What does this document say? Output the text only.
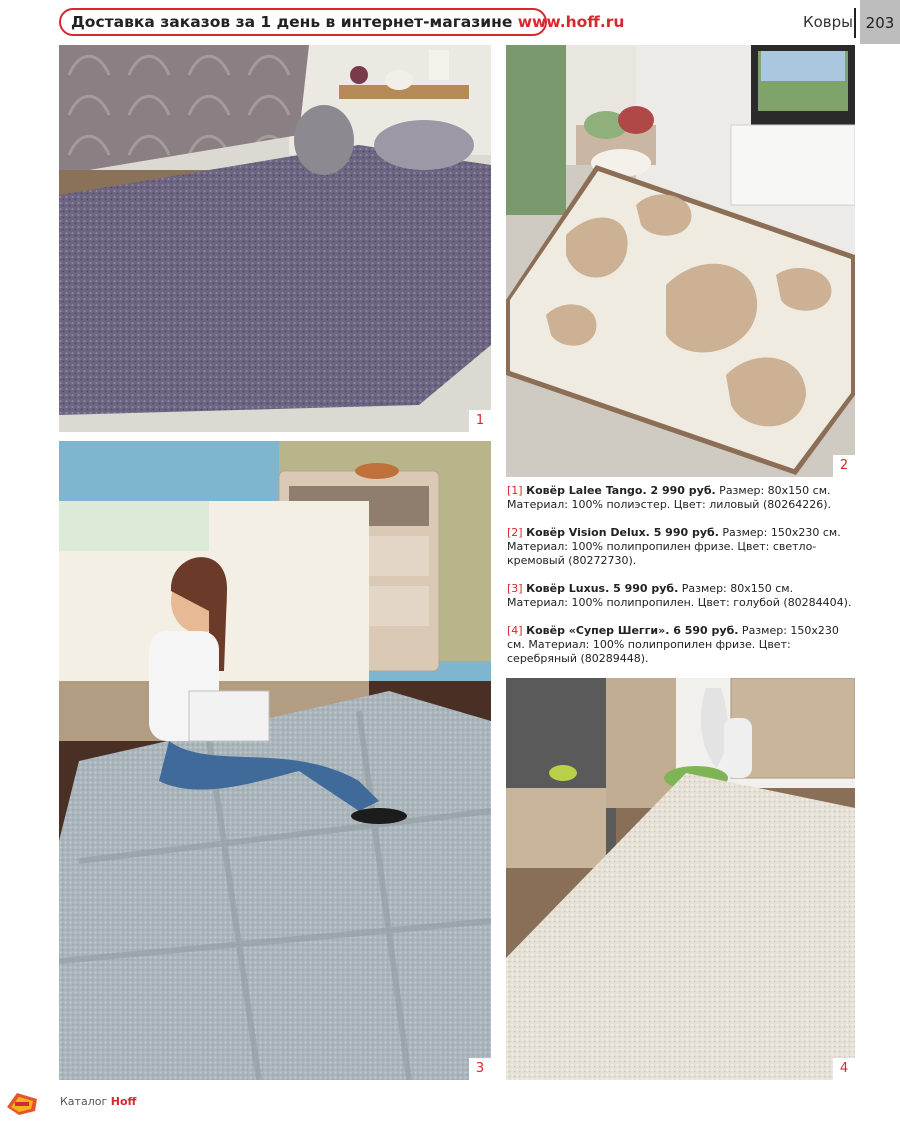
Доставка заказов за 1 день в интернет-магазине www.hoff.ru	Ковры 203
1
2
3

[1] Ковёр Lalee Tango. 2 990 руб. Размер: 80х150 см. Материал: 100% полиэстер. Цвет: лиловый (80264226).

[2] Ковёр Vision Delux. 5 990 руб. Размер: 150х230 см. Материал: 100% полипропилен фризе. Цвет: светло-кремовый (80272730).

[3] Ковёр Luxus. 5 990 руб. Размер: 80х150 см. Материал: 100% полипропилен. Цвет: голубой (80284404).

[4] Ковёр «Супер Шегги». 6 590 руб. Размер: 150х230 см. Материал: 100% полипропилен фризе. Цвет: серебряный (80289448).

4
Каталог Hoff
